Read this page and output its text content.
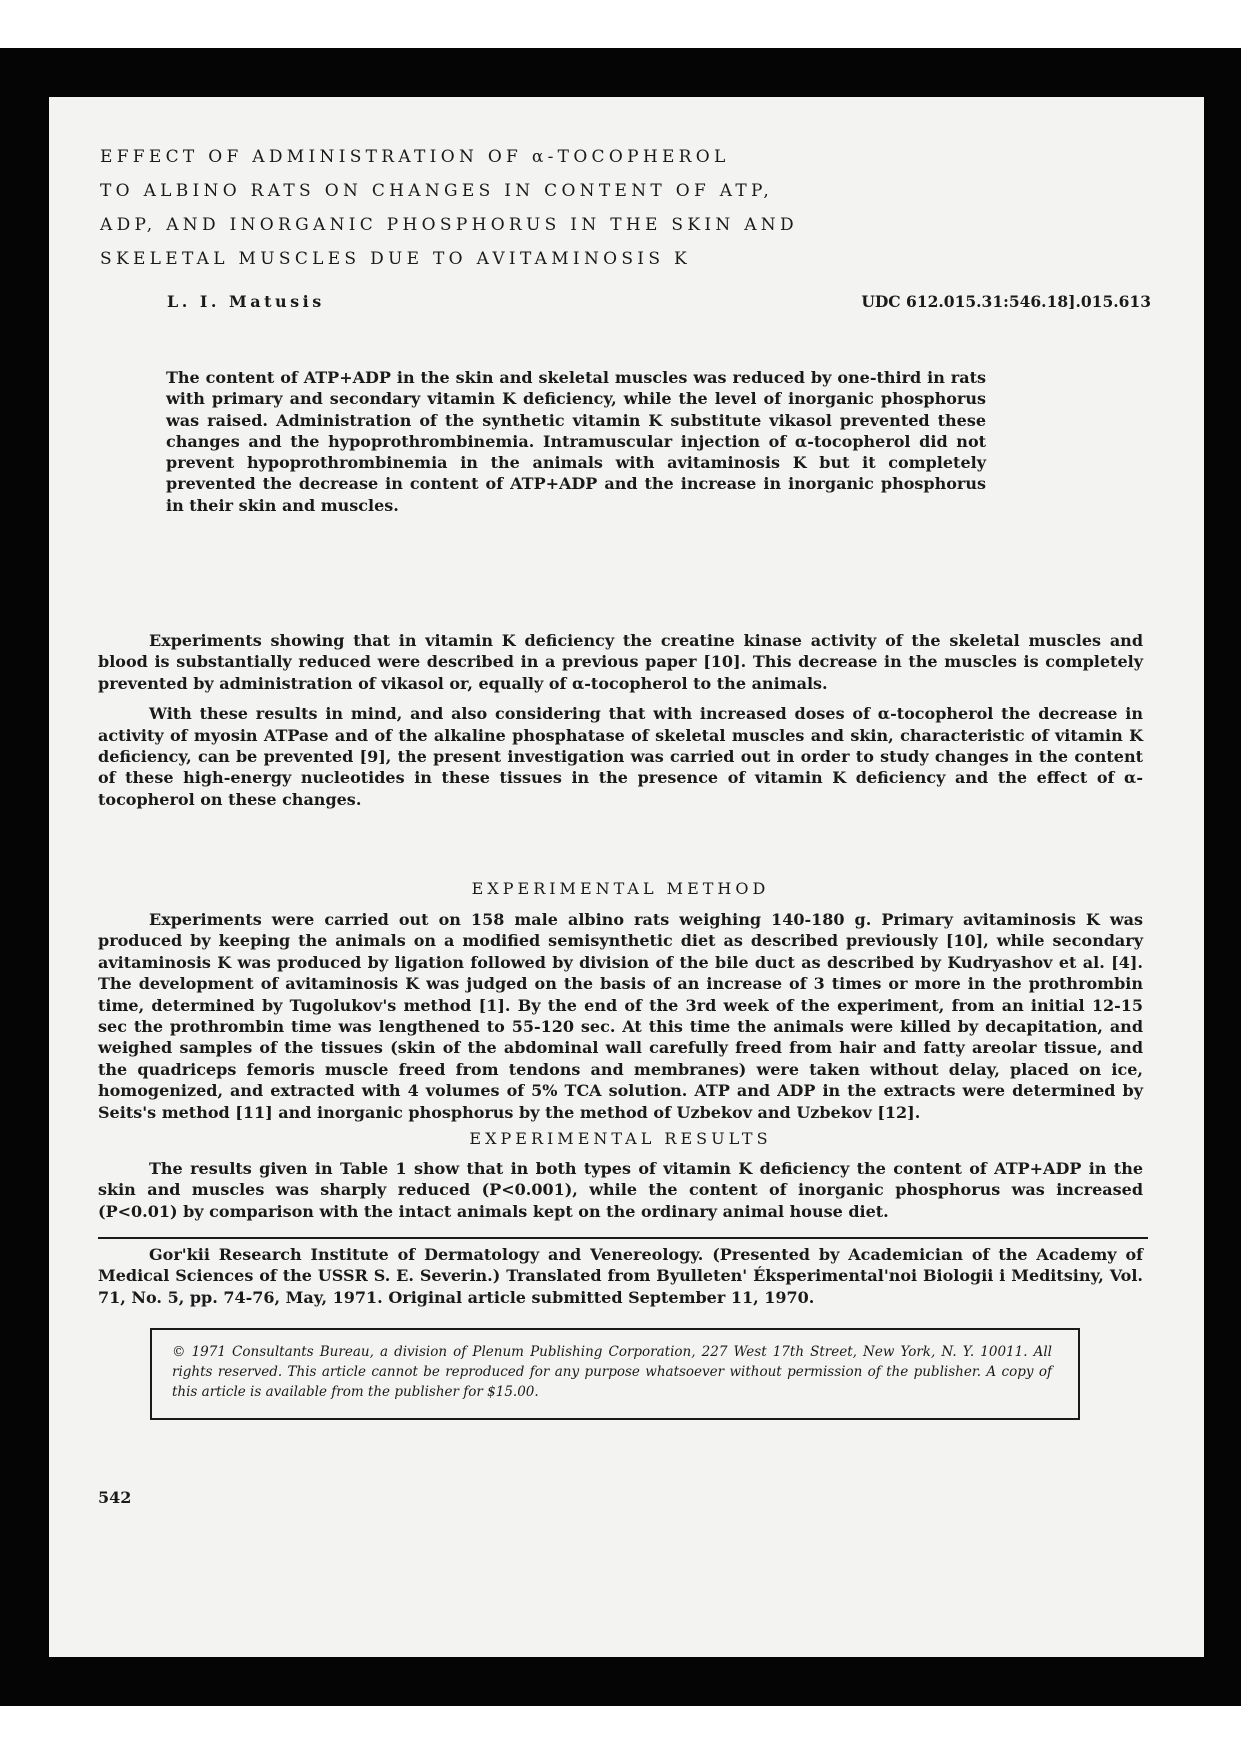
EFFECT OF ADMINISTRATION OF α-TOCOPHEROL
TO ALBINO RATS ON CHANGES IN CONTENT OF ATP,
ADP, AND INORGANIC PHOSPHORUS IN THE SKIN AND
SKELETAL MUSCLES DUE TO AVITAMINOSIS K
L. I. Matusis	UDC 612.015.31:546.18].015.613

The content of ATP+ADP in the skin and skeletal muscles was reduced by one-third in rats with primary and secondary vitamin K deficiency, while the level of inorganic phosphorus was raised. Administration of the synthetic vitamin K substitute vikasol prevented these changes and the hypoprothrombinemia. Intramuscular injection of α-tocopherol did not prevent hypoprothrombinemia in the animals with avitaminosis K but it completely prevented the decrease in content of ATP+ADP and the increase in inorganic phosphorus in their skin and muscles.

Experiments showing that in vitamin K deficiency the creatine kinase activity of the skeletal muscles and blood is substantially reduced were described in a previous paper [10]. This decrease in the muscles is completely prevented by administration of vikasol or, equally of α-tocopherol to the animals.

With these results in mind, and also considering that with increased doses of α-tocopherol the decrease in activity of myosin ATPase and of the alkaline phosphatase of skeletal muscles and skin, characteristic of vitamin K deficiency, can be prevented [9], the present investigation was carried out in order to study changes in the content of these high-energy nucleotides in these tissues in the presence of vitamin K deficiency and the effect of α-tocopherol on these changes.

EXPERIMENTAL METHOD

Experiments were carried out on 158 male albino rats weighing 140-180 g. Primary avitaminosis K was produced by keeping the animals on a modified semisynthetic diet as described previously [10], while secondary avitaminosis K was produced by ligation followed by division of the bile duct as described by Kudryashov et al. [4]. The development of avitaminosis K was judged on the basis of an increase of 3 times or more in the prothrombin time, determined by Tugolukov's method [1]. By the end of the 3rd week of the experiment, from an initial 12-15 sec the prothrombin time was lengthened to 55-120 sec. At this time the animals were killed by decapitation, and weighed samples of the tissues (skin of the abdominal wall carefully freed from hair and fatty areolar tissue, and the quadriceps femoris muscle freed from tendons and membranes) were taken without delay, placed on ice, homogenized, and extracted with 4 volumes of 5% TCA solution. ATP and ADP in the extracts were determined by Seits's method [11] and inorganic phosphorus by the method of Uzbekov and Uzbekov [12].

EXPERIMENTAL RESULTS

The results given in Table 1 show that in both types of vitamin K deficiency the content of ATP+ADP in the skin and muscles was sharply reduced (P<0.001), while the content of inorganic phosphorus was increased (P<0.01) by comparison with the intact animals kept on the ordinary animal house diet.

Gor'kii Research Institute of Dermatology and Venereology. (Presented by Academician of the Academy of Medical Sciences of the USSR S. E. Severin.) Translated from Byulleten' Éksperimental'noi Biologii i Meditsiny, Vol. 71, No. 5, pp. 74-76, May, 1971. Original article submitted September 11, 1970.

© 1971 Consultants Bureau, a division of Plenum Publishing Corporation, 227 West 17th Street, New York, N. Y. 10011. All rights reserved. This article cannot be reproduced for any purpose whatsoever without permission of the publisher. A copy of this article is available from the publisher for $15.00.

542
